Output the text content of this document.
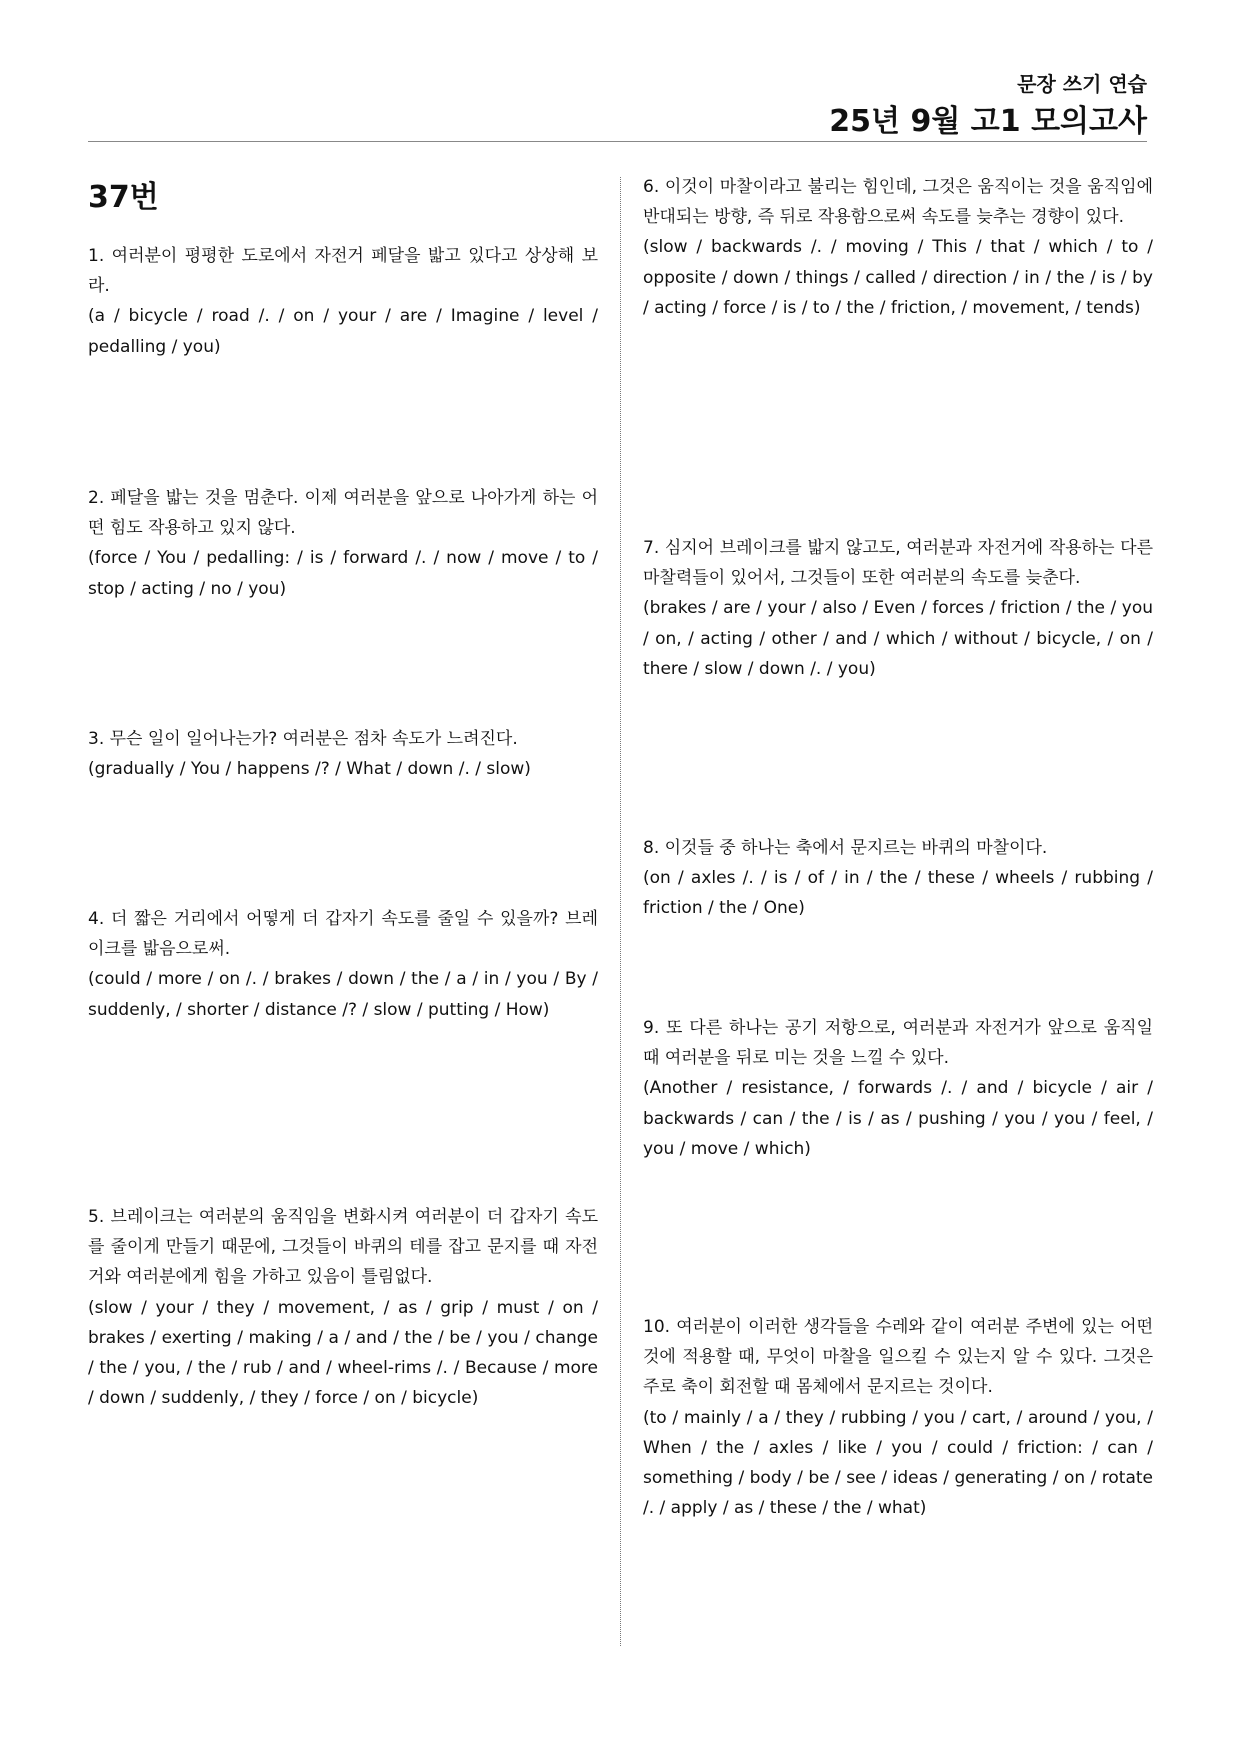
문장 쓰기 연습
25년 9월 고1 모의고사
37번

1. 여러분이 평평한 도로에서 자전거 페달을 밟고 있다고 상상해 보라.

(a / bicycle / road /. / on / your / are / Imagine / level / pedalling / you)

2. 페달을 밟는 것을 멈춘다. 이제 여러분을 앞으로 나아가게 하는 어떤 힘도 작용하고 있지 않다.

(force / You / pedalling: / is / forward /. / now / move / to / stop / acting / no / you)

3. 무슨 일이 일어나는가? 여러분은 점차 속도가 느려진다.

(gradually / You / happens /? / What / down /. / slow)

4. 더 짧은 거리에서 어떻게 더 갑자기 속도를 줄일 수 있을까? 브레이크를 밟음으로써.

(could / more / on /. / brakes / down / the / a / in / you / By / suddenly, / shorter / distance /? / slow / putting / How)

5. 브레이크는 여러분의 움직임을 변화시켜 여러분이 더 갑자기 속도를 줄이게 만들기 때문에, 그것들이 바퀴의 테를 잡고 문지를 때 자전거와 여러분에게 힘을 가하고 있음이 틀림없다.

(slow / your / they / movement, / as / grip / must / on / brakes / exerting / making / a / and / the / be / you / change / the / you, / the / rub / and / wheel-rims /. / Because / more / down / suddenly, / they / force / on / bicycle)

6. 이것이 마찰이라고 불리는 힘인데, 그것은 움직이는 것을 움직임에 반대되는 방향, 즉 뒤로 작용함으로써 속도를 늦추는 경향이 있다.

(slow / backwards /. / moving / This / that / which / to / opposite / down / things / called / direction / in / the / is / by / acting / force / is / to / the / friction, / movement, / tends)

7. 심지어 브레이크를 밟지 않고도, 여러분과 자전거에 작용하는 다른 마찰력들이 있어서, 그것들이 또한 여러분의 속도를 늦춘다.

(brakes / are / your / also / Even / forces / friction / the / you / on, / acting / other / and / which / without / bicycle, / on / there / slow / down /. / you)

8. 이것들 중 하나는 축에서 문지르는 바퀴의 마찰이다.

(on / axles /. / is / of / in / the / these / wheels / rubbing / friction / the / One)

9. 또 다른 하나는 공기 저항으로, 여러분과 자전거가 앞으로 움직일 때 여러분을 뒤로 미는 것을 느낄 수 있다.

(Another / resistance, / forwards /. / and / bicycle / air / backwards / can / the / is / as / pushing / you / you / feel, / you / move / which)

10. 여러분이 이러한 생각들을 수레와 같이 여러분 주변에 있는 어떤 것에 적용할 때, 무엇이 마찰을 일으킬 수 있는지 알 수 있다. 그것은 주로 축이 회전할 때 몸체에서 문지르는 것이다.

(to / mainly / a / they / rubbing / you / cart, / around / you, / When / the / axles / like / you / could / friction: / can / something / body / be / see / ideas / generating / on / rotate /. / apply / as / these / the / what)
